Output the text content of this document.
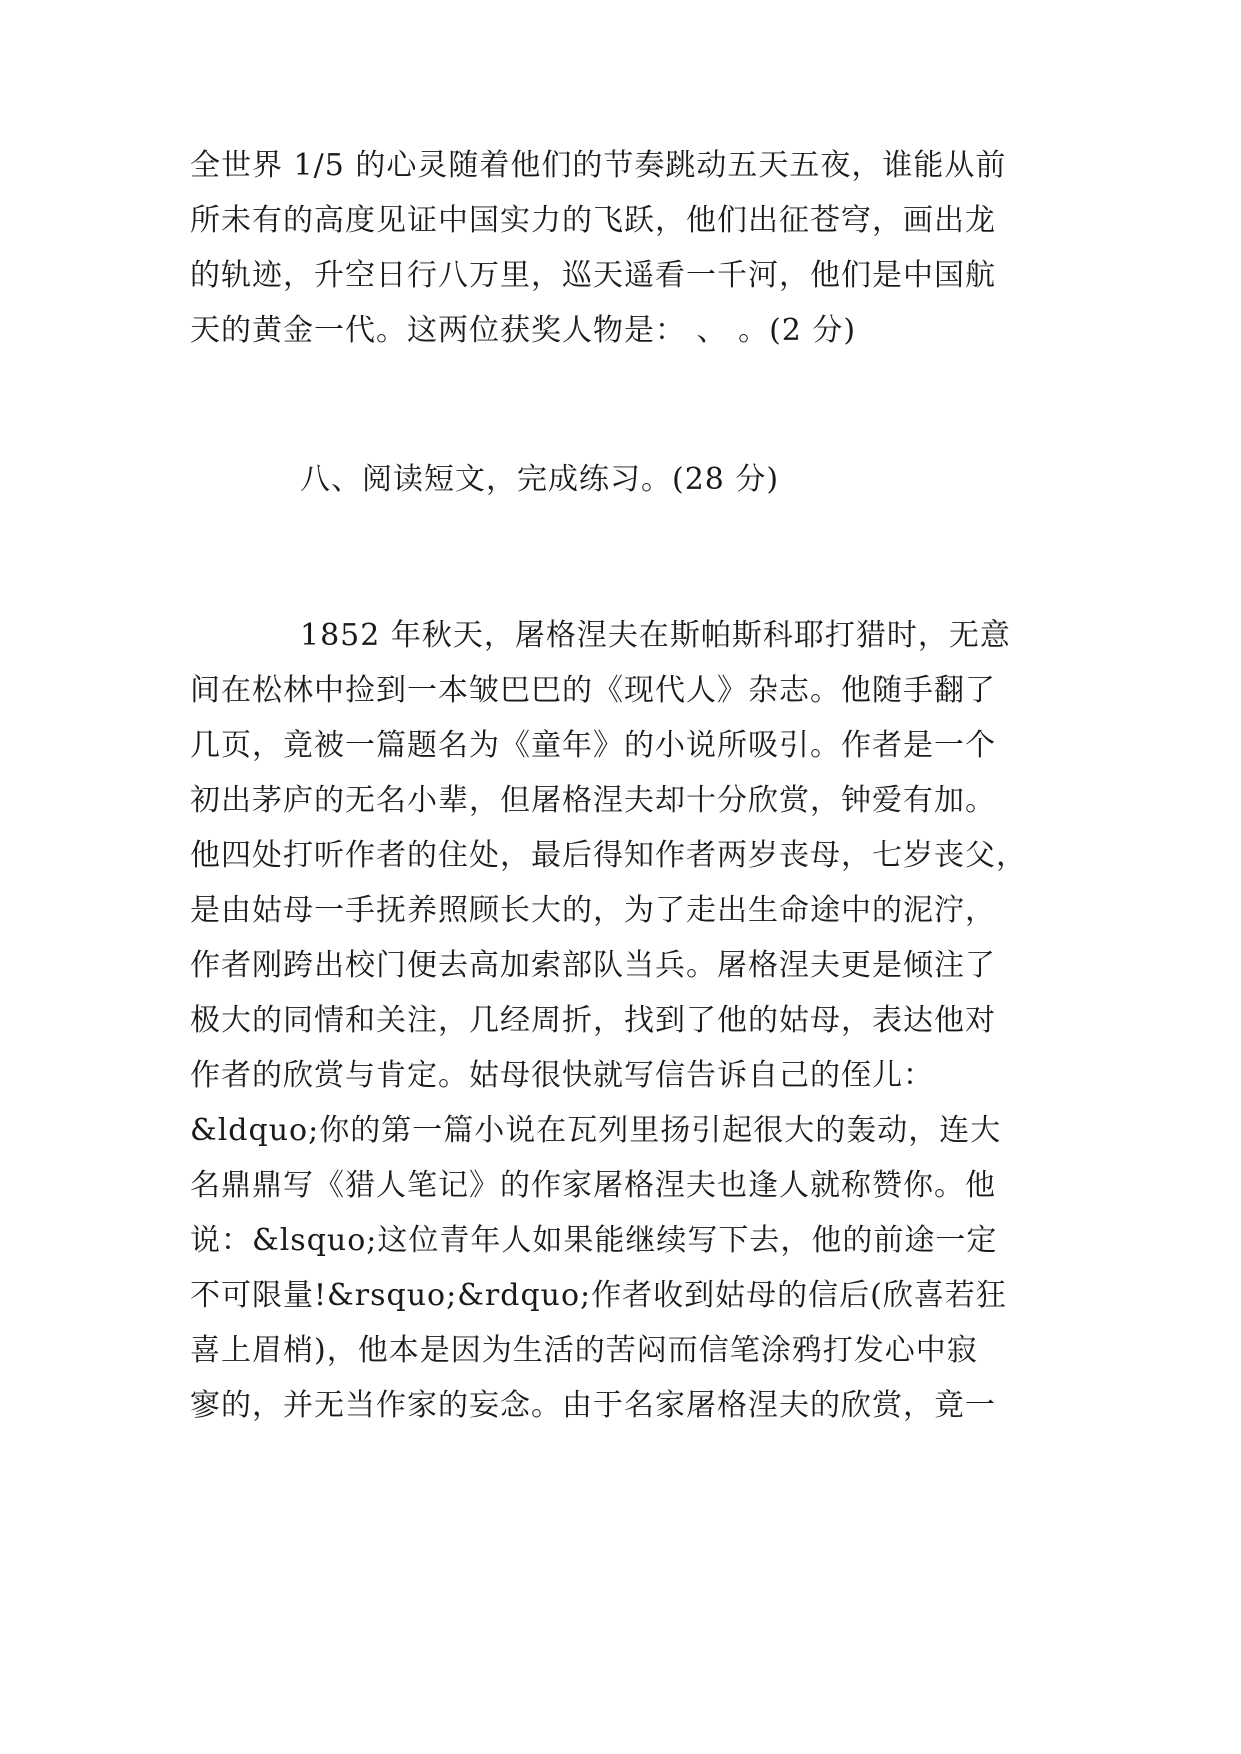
全世界 1/5 的心灵随着他们的节奏跳动五天五夜，谁能从前
所未有的高度见证中国实力的飞跃，他们出征苍穹，画出龙
的轨迹，升空日行八万里，巡天遥看一千河，他们是中国航
天的黄金一代。这两位获奖人物是： 、 。(2 分)
八、阅读短文，完成练习。(28 分)
1852 年秋天，屠格涅夫在斯帕斯科耶打猎时，无意
间在松林中捡到一本皱巴巴的《现代人》杂志。他随手翻了
几页，竟被一篇题名为《童年》的小说所吸引。作者是一个
初出茅庐的无名小辈，但屠格涅夫却十分欣赏，钟爱有加。
他四处打听作者的住处，最后得知作者两岁丧母，七岁丧父，
是由姑母一手抚养照顾长大的，为了走出生命途中的泥泞，
作者刚跨出校门便去高加索部队当兵。屠格涅夫更是倾注了
极大的同情和关注，几经周折，找到了他的姑母，表达他对
作者的欣赏与肯定。姑母很快就写信告诉自己的侄儿：
&ldquo;你的第一篇小说在瓦列里扬引起很大的轰动，连大
名鼎鼎写《猎人笔记》的作家屠格涅夫也逢人就称赞你。他
说：&lsquo;这位青年人如果能继续写下去，他的前途一定
不可限量!&rsquo;&rdquo;作者收到姑母的信后(欣喜若狂
喜上眉梢)，他本是因为生活的苦闷而信笔涂鸦打发心中寂
寥的，并无当作家的妄念。由于名家屠格涅夫的欣赏，竟一
